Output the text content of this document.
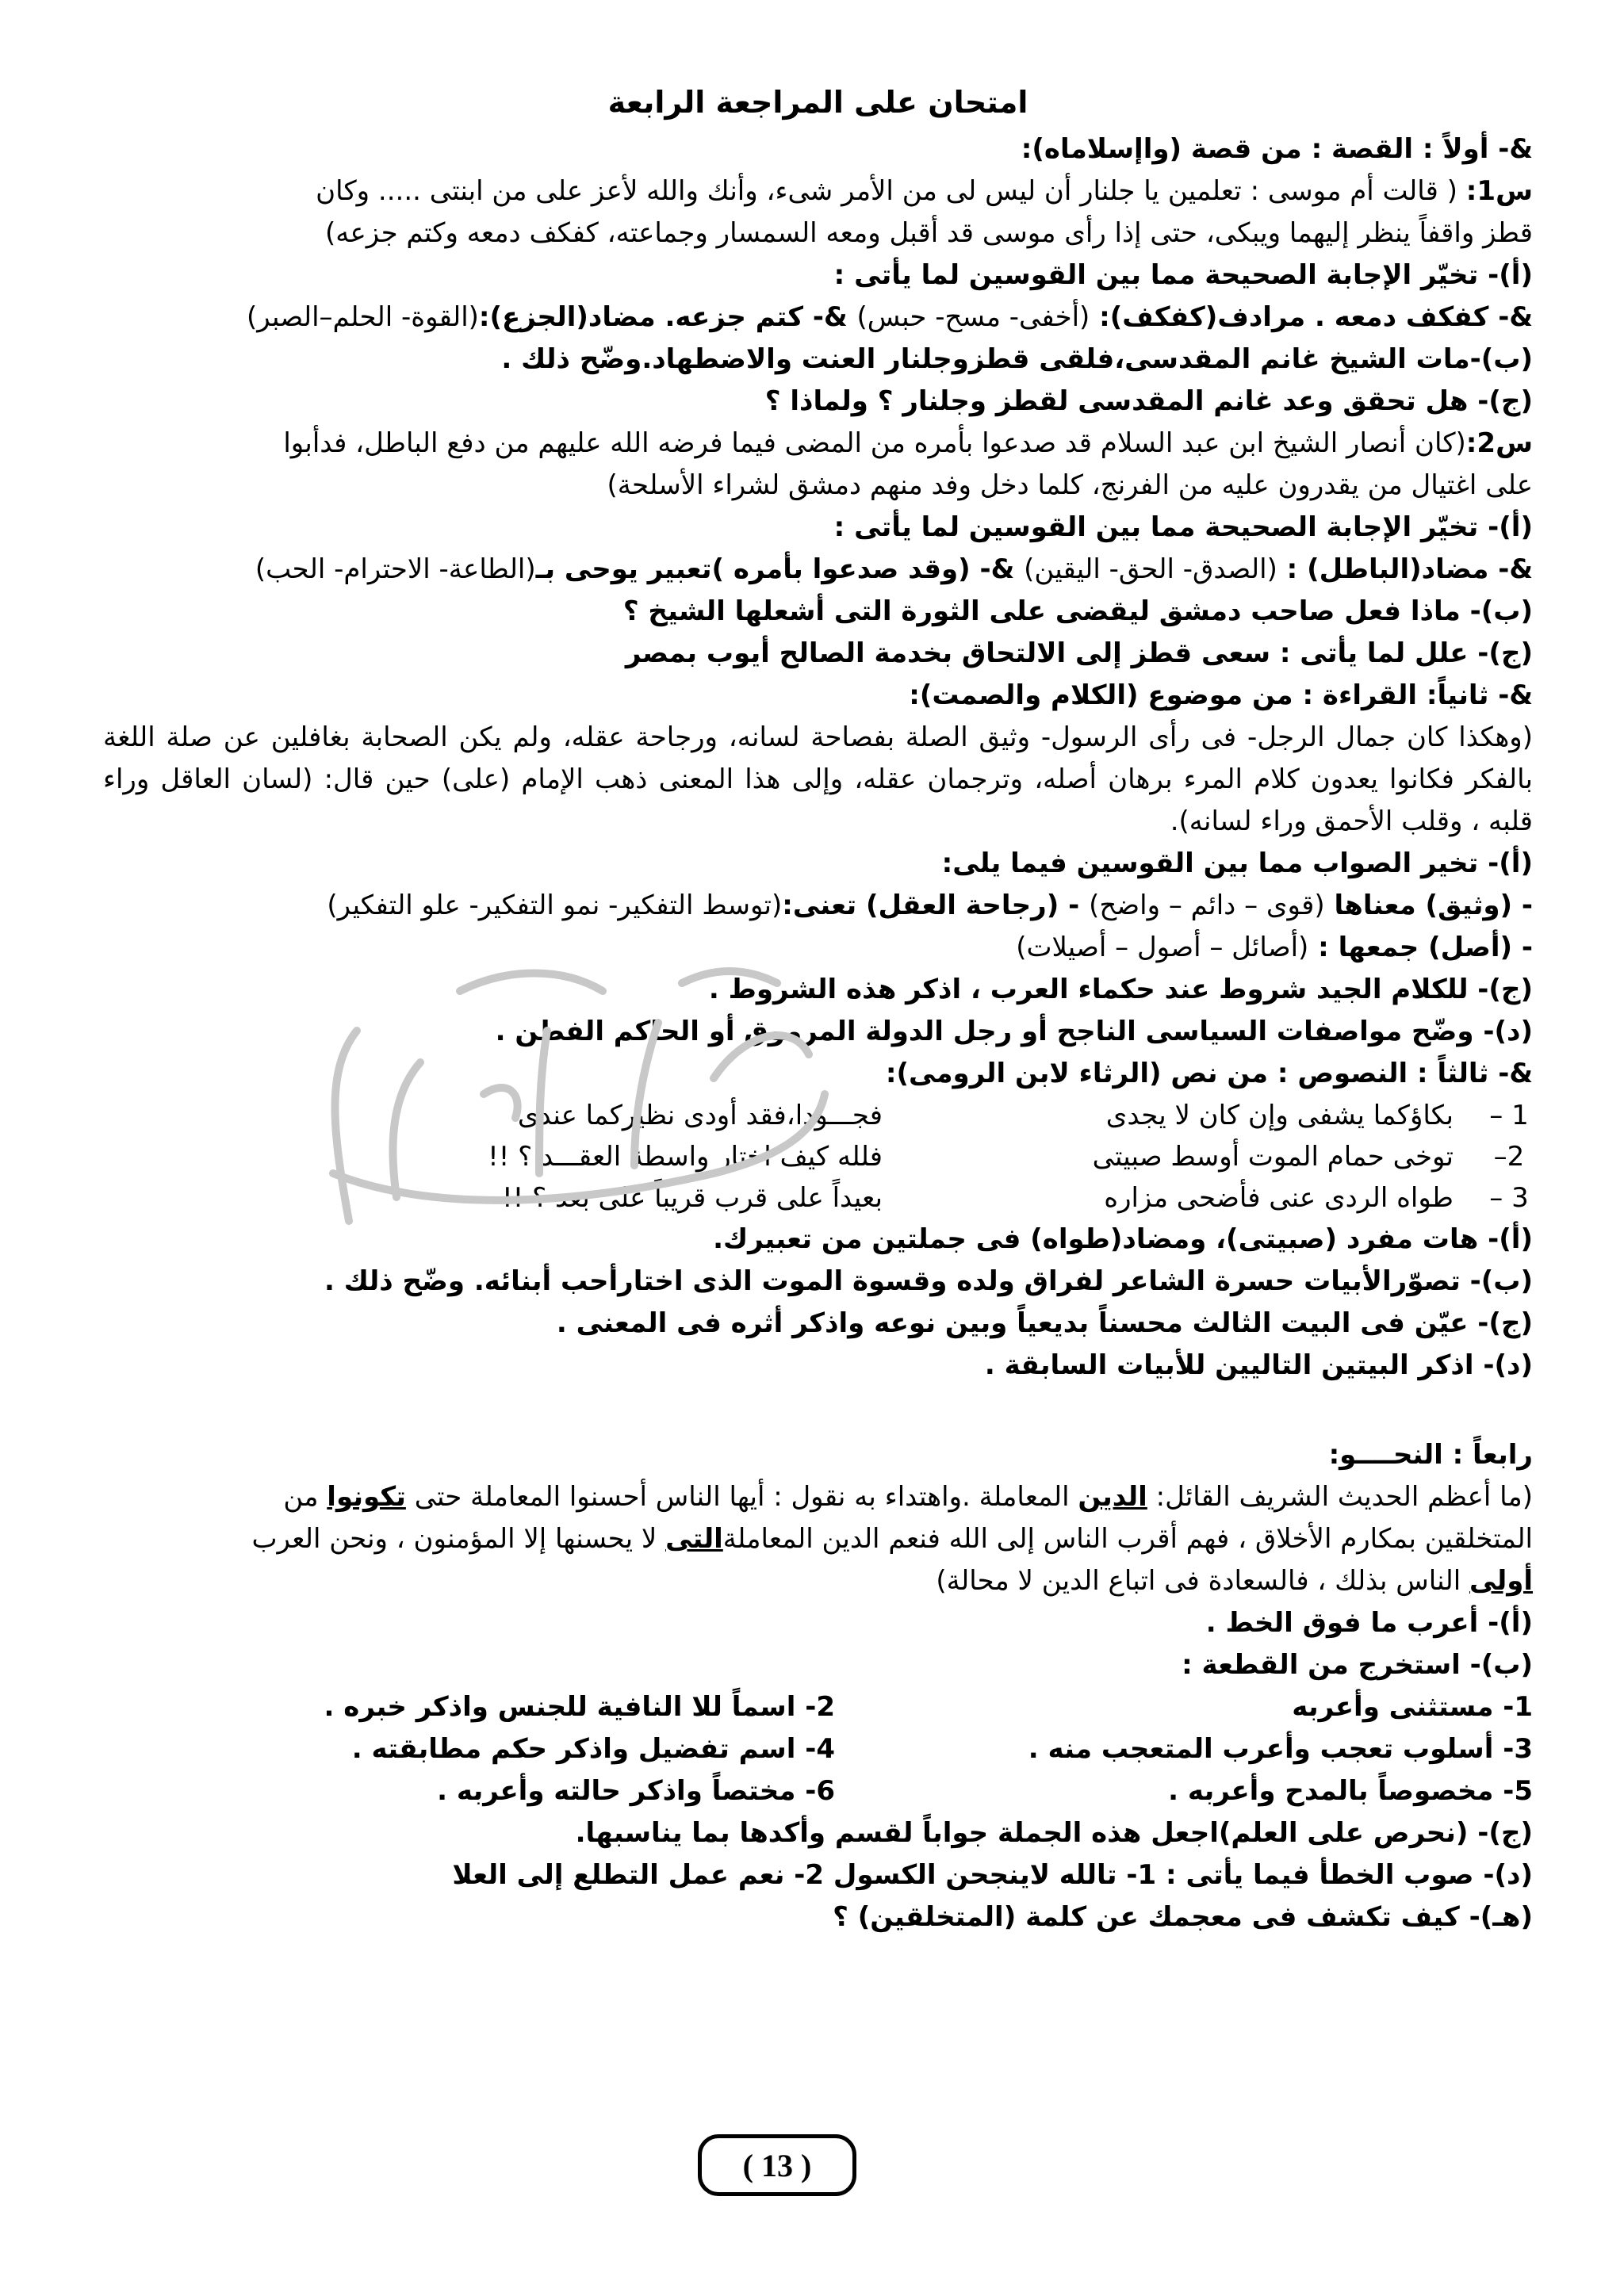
امتحان على المراجعة الرابعة
&- أولاً : القصة : من قصة (واإسلاماه):
س1: ( قالت أم موسى : تعلمين يا جلنار أن ليس لى من الأمر شىء، وأنك والله لأعز على من ابنتى ..... وكان
قطز واقفاً ينظر إليهما ويبكى، حتى إذا رأى موسى قد أقبل ومعه السمسار وجماعته، كفكف دمعه وكتم جزعه)
(أ)- تخيّر الإجابة الصحيحة مما بين القوسين لما يأتى :
&- كفكف دمعه . مرادف(كفكف): (أخفى- مسح- حبس) &- كتم جزعه. مضاد(الجزع):(القوة- الحلم–الصبر)
(ب)-مات الشيخ غانم المقدسى،فلقى قطزوجلنار العنت والاضطهاد.وضّح ذلك .
(ج)- هل تحقق وعد غانم المقدسى لقطز وجلنار ؟ ولماذا ؟
س2:(كان أنصار الشيخ ابن عبد السلام قد صدعوا بأمره من المضى فيما فرضه الله عليهم من دفع الباطل، فدأبوا
على اغتيال من يقدرون عليه من الفرنج، كلما دخل وفد منهم دمشق لشراء الأسلحة)
(أ)- تخيّر الإجابة الصحيحة مما بين القوسين لما يأتى :
&- مضاد(الباطل) : (الصدق- الحق- اليقين) &- (وقد صدعوا بأمره )تعبير يوحى بـ(الطاعة- الاحترام- الحب)
(ب)- ماذا فعل صاحب دمشق ليقضى على الثورة التى أشعلها الشيخ ؟
(ج)- علل لما يأتى : سعى قطز إلى الالتحاق بخدمة الصالح أيوب بمصر
&- ثانياً: القراءة : من موضوع (الكلام والصمت):
(وهكذا كان جمال الرجل- فى رأى الرسول- وثيق الصلة بفصاحة لسانه، ورجاحة عقله، ولم يكن الصحابة بغافلين عن صلة اللغة بالفكر فكانوا يعدون كلام المرء برهان أصله، وترجمان عقله، وإلى هذا المعنى ذهب الإمام (على) حين قال: (لسان العاقل وراء قلبه ، وقلب الأحمق وراء لسانه).
(أ)- تخير الصواب مما بين القوسين فيما يلى:
- (وثيق) معناها (قوى – دائم – واضح) - (رجاحة العقل) تعنى:(توسط التفكير- نمو التفكير- علو التفكير)
- (أصل) جمعها : (أصائل – أصول – أصيلات)
(ج)- للكلام الجيد شروط عند حكماء العرب ، اذكر هذه الشروط .
(د)- وضّح مواصفات السياسى الناجح أو رجل الدولة المرموق أو الحاكم الفطن .
&- ثالثاً : النصوص : من نص (الرثاء لابن الرومى):
1 –
بكاؤكما يشفى وإن كان لا يجدى
فجـــودا،فقد أودى نظيركما عندى
2–
توخى حمام الموت أوسط صبيتى
فلله كيف اختار واسطة العقـــد ؟ !!
3 –
طواه الردى عنى فأضحى مزاره
بعيداً على قرب قريباً على بعد ؟ !!
(أ)- هات مفرد (صبيتى)، ومضاد(طواه) فى جملتين من تعبيرك.
(ب)- تصوّرالأبيات حسرة الشاعر لفراق ولده وقسوة الموت الذى اختارأحب أبنائه. وضّح ذلك .
(ج)- عيّن فى البيت الثالث محسناً بديعياً وبين نوعه واذكر أثره فى المعنى .
(د)- اذكر البيتين التاليين للأبيات السابقة .
رابعاً : النحــــو:
(ما أعظم الحديث الشريف القائل: الدين المعاملة .واهتداء به نقول : أيها الناس أحسنوا المعاملة حتى تكونوا من
المتخلقين بمكارم الأخلاق ، فهم أقرب الناس إلى الله فنعم الدين المعاملةالتى لا يحسنها إلا المؤمنون ، ونحن العرب
أولى الناس بذلك ، فالسعادة فى اتباع الدين لا محالة)
(أ)- أعرب ما فوق الخط .
(ب)- استخرج من القطعة :
1- مستثنى وأعربه
2- اسماً للا النافية للجنس واذكر خبره .
3- أسلوب تعجب وأعرب المتعجب منه .
4- اسم تفضيل واذكر حكم مطابقته .
5- مخصوصاً بالمدح وأعربه .
6- مختصاً واذكر حالته وأعربه .
(ج)- (نحرص على العلم)اجعل هذه الجملة جواباً لقسم وأكدها بما يناسبها.
(د)- صوب الخطأ فيما يأتى : 1- تالله لاينجحن الكسول 2- نعم عمل التطلع إلى العلا
(هـ)- كيف تكشف فى معجمك عن كلمة (المتخلقين) ؟
( 13 )
